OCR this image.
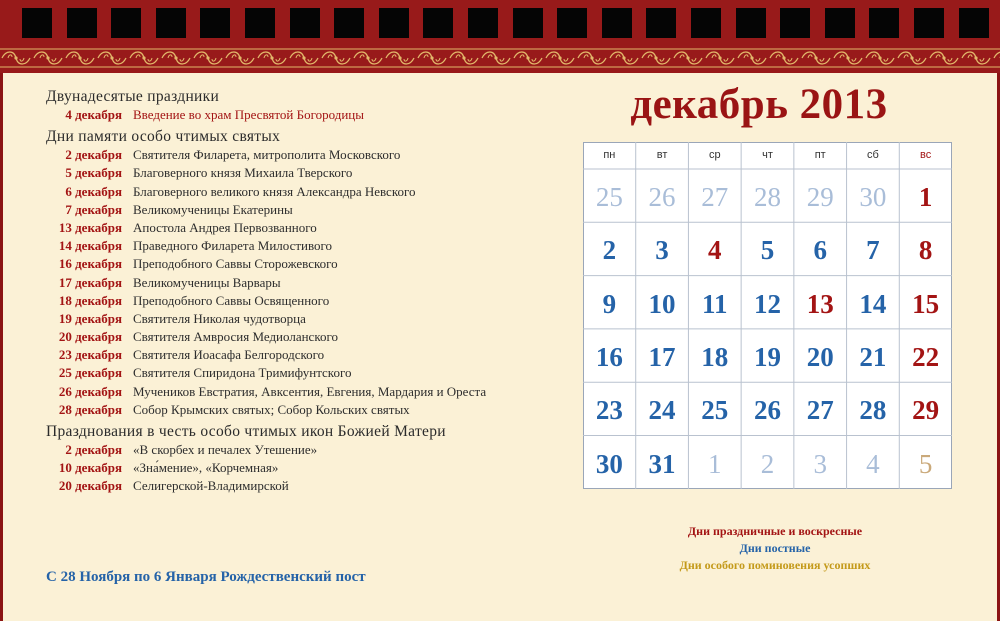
Двунадесятые праздники
4 декабря Введение во храм Пресвятой Богородицы
Дни памяти особо чтимых святых
2 декабря Святителя Филарета, митрополита Московского
5 декабря Благоверного князя Михаила Тверского
6 декабря Благоверного великого князя Александра Невского
7 декабря Великомученицы Екатерины
13 декабря Апостола Андрея Первозванного
14 декабря Праведного Филарета Милостивого
16 декабря Преподобного Саввы Сторожевского
17 декабря Великомученицы Варвары
18 декабря Преподобного Саввы Освященного
19 декабря Святителя Николая чудотворца
20 декабря Святителя Амвросия Медиоланского
23 декабря Святителя Иоасафа Белгородского
25 декабря Святителя Спиридона Тримифунтского
26 декабря Мучеников Евстратия, Авксентия, Евгения, Мардария и Ореста
28 декабря Собор Крымских святых; Собор Кольских святых
Празднования в честь особо чтимых икон Божией Матери
2 декабря «В скорбех и печалех Утешение»
10 декабря «Зна́мение», «Корчемная»
20 декабря Селигерской-Владимирской
С 28 Ноября по 6 Января Рождественский пост
декабрь 2013
пн	вт	ср	чт	пт	сб	вс
25 26 27 28 29 30	1
2	3	4	5	6	7	8
9	10 11 12 13 14 15
16 17 18 19 20 21 22
23 24 25 26 27 28 29
30 31	1	2	3	4	5
Дни праздничные и воскресные
Дни постные
Дни особого поминовения усопших
